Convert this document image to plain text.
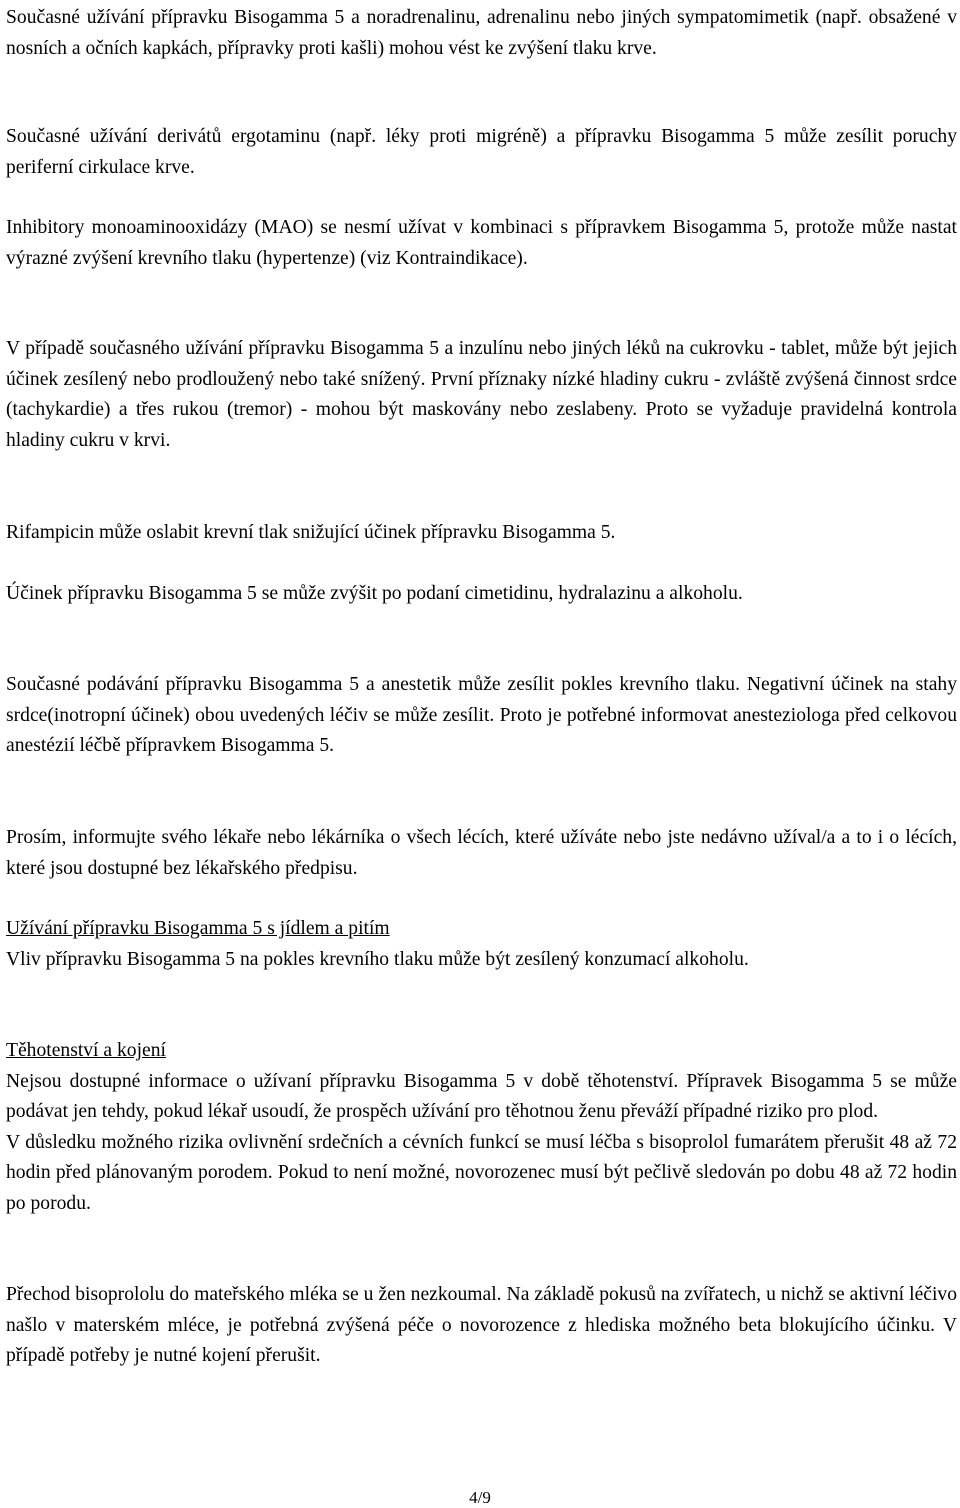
Současné užívání přípravku Bisogamma 5 a noradrenalinu, adrenalinu nebo jiných sympatomimetik (např. obsažené v nosních a očních kapkách, přípravky proti kašli) mohou vést ke zvýšení tlaku krve.

Současné užívání derivátů ergotaminu (např. léky proti migréně) a přípravku Bisogamma 5 může zesílit poruchy periferní cirkulace krve.

Inhibitory monoaminooxidázy (MAO) se nesmí užívat v kombinaci s přípravkem Bisogamma 5, protože může nastat výrazné zvýšení krevního tlaku (hypertenze) (viz Kontraindikace).

V případě současného užívání přípravku Bisogamma 5 a inzulínu nebo jiných léků na cukrovku - tablet, může být jejich účinek zesílený nebo prodloužený nebo také snížený. První příznaky nízké hladiny cukru - zvláště zvýšená činnost srdce (tachykardie) a třes rukou (tremor) - mohou být maskovány nebo zeslabeny. Proto se vyžaduje pravidelná kontrola hladiny cukru v krvi.

Rifampicin může oslabit krevní tlak snižující účinek přípravku Bisogamma 5.

Účinek přípravku Bisogamma 5 se může zvýšit po podaní cimetidinu, hydralazinu a alkoholu.

Současné podávání přípravku Bisogamma 5 a anestetik může zesílit pokles krevního tlaku. Negativní účinek na stahy srdce(inotropní účinek) obou uvedených léčiv se může zesílit. Proto je potřebné informovat anesteziologa před celkovou anestézií léčbě přípravkem Bisogamma 5.

Prosím, informujte svého lékaře nebo lékárníka o všech lécích, které užíváte nebo jste nedávno užíval/a a to i o lécích, které jsou dostupné bez lékařského předpisu.

Užívání přípravku Bisogamma 5 s jídlem a pitím
Vliv přípravku Bisogamma 5 na pokles krevního tlaku může být zesílený konzumací alkoholu.
Těhotenství a kojení
Nejsou dostupné informace o užívaní přípravku Bisogamma 5 v době těhotenství. Přípravek Bisogamma 5 se může podávat jen tehdy, pokud lékař usoudí, že prospěch užívání pro těhotnou ženu převáží případné riziko pro plod.
V důsledku možného rizika ovlivnění srdečních a cévních funkcí se musí léčba s bisoprolol fumarátem přerušit 48 až 72 hodin před plánovaným porodem. Pokud to není možné, novorozenec musí být pečlivě sledován po dobu 48 až 72 hodin po porodu.

Přechod bisoprololu do mateřského mléka se u žen nezkoumal. Na základě pokusů na zvířatech, u nichž se aktivní léčivo našlo v materském mléce, je potřebná zvýšená péče o novorozence z hlediska možného beta blokujícího účinku. V případě potřeby je nutné kojení přerušit.

4/9
